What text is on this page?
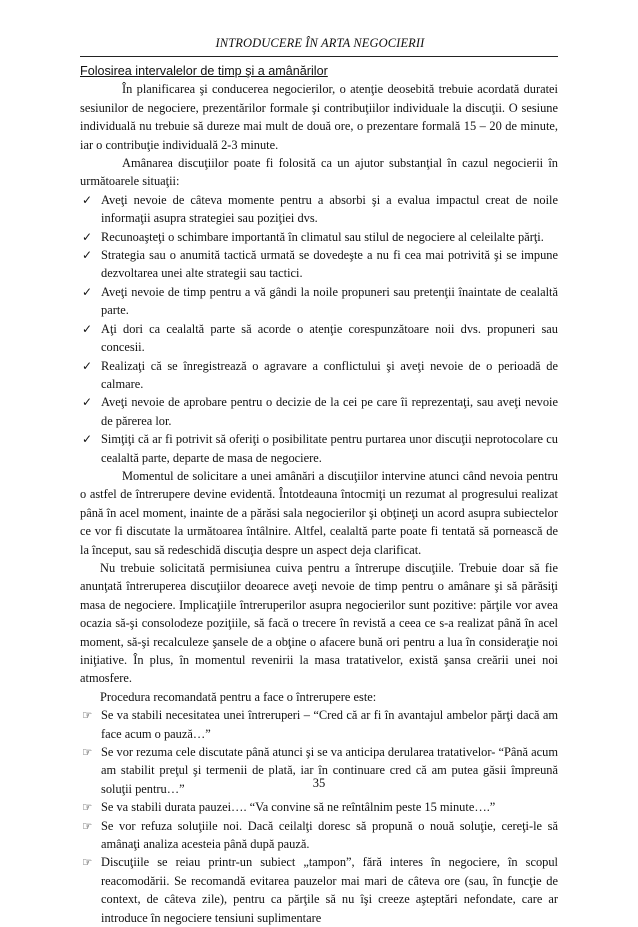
INTRODUCERE ÎN ARTA NEGOCIERII
Folosirea intervalelor de timp şi a amânărilor

În planificarea şi conducerea negocierilor, o atenţie deosebită trebuie acordată duratei sesiunilor de negociere, prezentărilor formale şi contribuţiilor individuale la discuţii. O sesiune individuală nu trebuie să dureze mai mult de două ore, o prezentare formală 15 – 20 de minute, iar o contribuţie individuală 2-3 minute.

Amânarea discuţiilor poate fi folosită ca un ajutor substanţial în cazul negocierii în următoarele situaţii:

✓ Aveţi nevoie de câteva momente pentru a absorbi şi a evalua impactul creat de noile informaţii asupra strategiei sau poziţiei dvs.
✓ Recunoaşteţi o schimbare importantă în climatul sau stilul de negociere al celeilalte părţi.
✓ Strategia sau o anumită tactică urmată se dovedeşte a nu fi cea mai potrivită şi se impune dezvoltarea unei alte strategii sau tactici.
✓ Aveţi nevoie de timp pentru a vă gândi la noile propuneri sau pretenţii înaintate de cealaltă parte.
✓ Aţi dori ca cealaltă parte să acorde o atenţie corespunzătoare noii dvs. propuneri sau concesii.
✓ Realizaţi că se înregistrează o agravare a conflictului şi aveţi nevoie de o perioadă de calmare.
✓ Aveţi nevoie de aprobare pentru o decizie de la cei pe care îi reprezentaţi, sau aveţi nevoie de părerea lor.
✓ Simţiţi că ar fi potrivit să oferiţi o posibilitate pentru purtarea unor discuţii neprotocolare cu cealaltă parte, departe de masa de negociere.

Momentul de solicitare a unei amânări a discuţiilor intervine atunci când nevoia pentru o astfel de întrerupere devine evidentă. Întotdeauna întocmiţi un rezumat al progresului realizat până în acel moment, inainte de a părăsi sala negocierilor şi obţineţi un acord asupra subiectelor ce vor fi discutate la următoarea întâlnire. Altfel, cealaltă parte poate fi tentată să pornească de la început, sau să redeschidă discuţia despre un aspect deja clarificat.

Nu trebuie solicitată permisiunea cuiva pentru a întrerupe discuţiile. Trebuie doar să fie anunţată întreruperea discuţiilor deoarece aveţi nevoie de timp pentru o amânare şi să părăsiţi masa de negociere. Implicaţiile întreruperilor asupra negocierilor sunt pozitive: părţile vor avea ocazia să-şi consolodeze poziţiile, să facă o trecere în revistă a ceea ce s-a realizat până în acel moment, să-şi recalculeze şansele de a obţine o afacere bună ori pentru a lua în consideraţie noi iniţiative. În plus, în momentul revenirii la masa tratativelor, există şansa creării unei noi atmosfere.

Procedura recomandată pentru a face o întrerupere este:

☞ Se va stabili necesitatea unei întreruperi – “Cred că ar fi în avantajul ambelor părţi dacă am face acum o pauză…”
☞ Se vor rezuma cele discutate până atunci şi se va anticipa derularea tratativelor- “Până acum am stabilit preţul şi termenii de plată, iar în continuare cred că am putea găsii împreună soluţii pentru…”
☞ Se va stabili durata pauzei…. “Va convine să ne reîntâlnim peste 15 minute….”
☞ Se vor refuza soluţiile noi. Dacă ceilalţi doresc să propună o nouă soluţie, cereţi-le să amânaţi analiza acesteia până după pauză.
☞ Discuţiile se reiau printr-un subiect „tampon”, fără interes în negociere, în scopul reacomodării. Se recomandă evitarea pauzelor mai mari de câteva ore (sau, în funcţie de context, de câteva zile), pentru ca părţile să nu îşi creeze aşteptări nefondate, care ar introduce în negociere tensiuni suplimentare
35
